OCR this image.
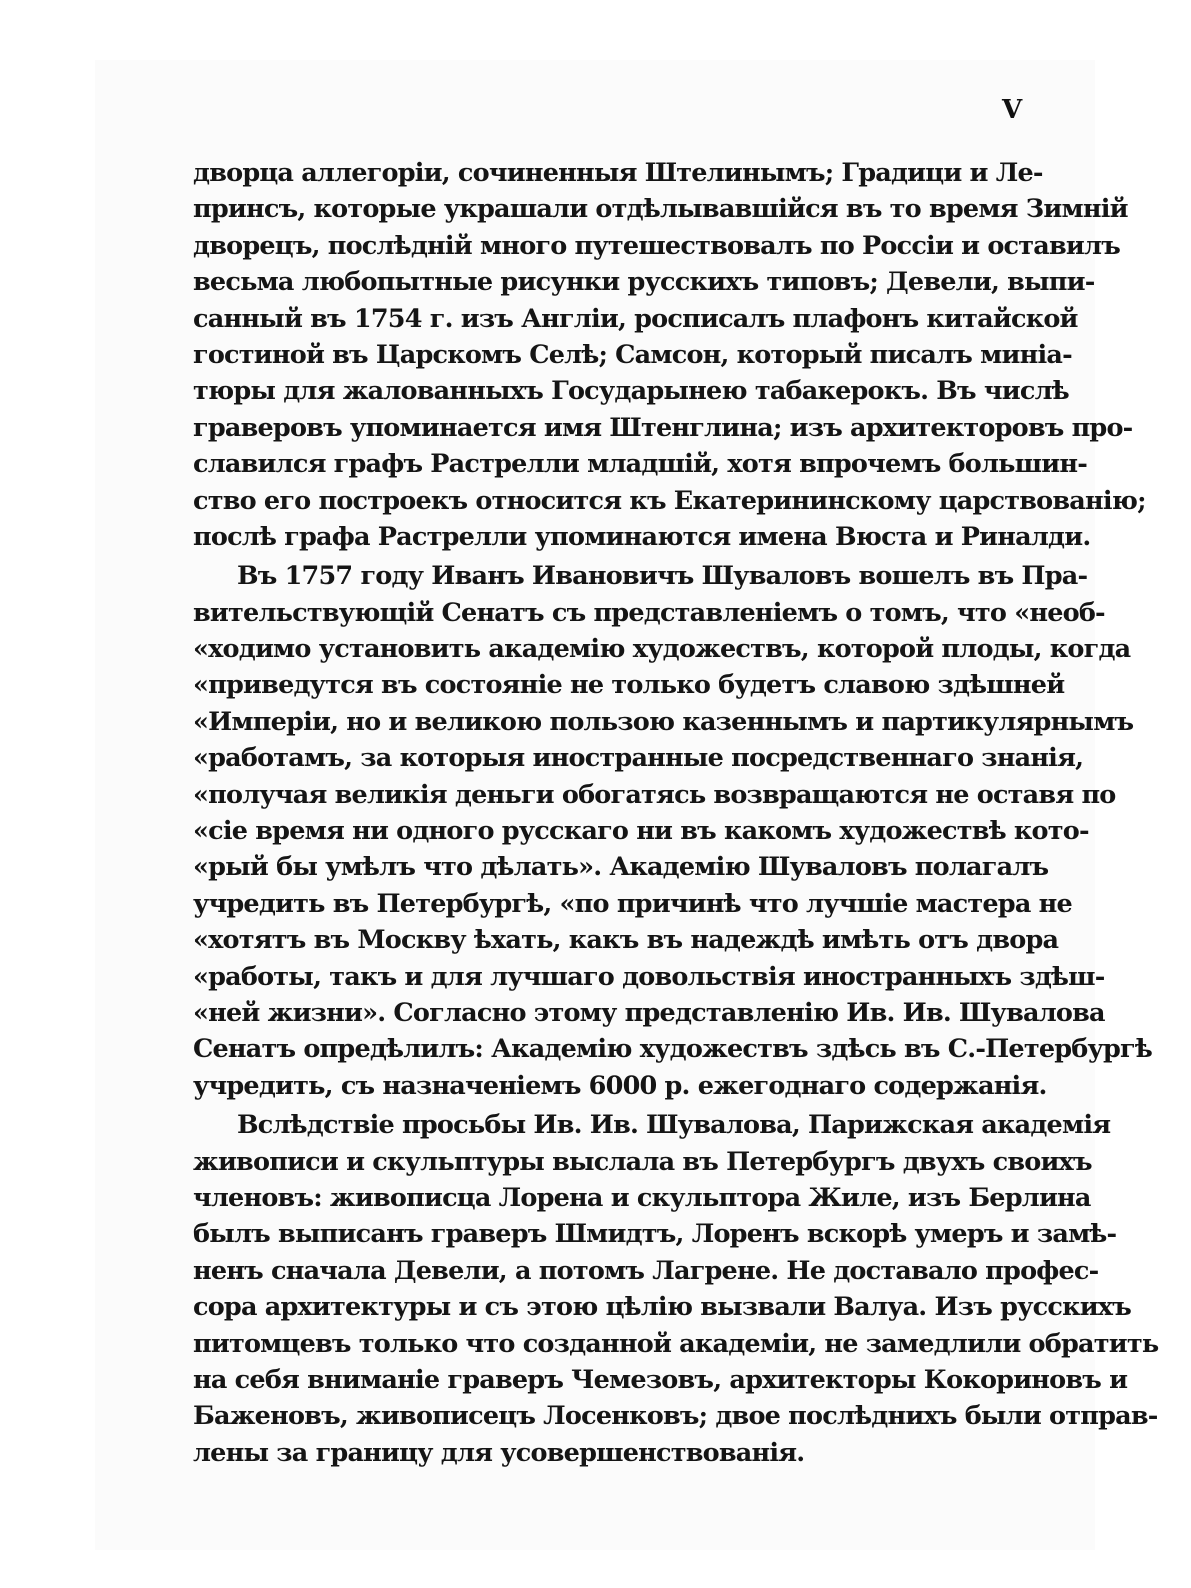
V
дворца аллегоріи, сочиненныя Штелинымъ; Градици и Ле-
принсъ, которые украшали отдѣлывавшійся въ то время Зимній
дворецъ, послѣдній много путешествовалъ по Россіи и оставилъ
весьма любопытные рисунки русскихъ типовъ; Девели, выпи-
санный въ 1754 г. изъ Англіи, росписалъ плафонъ китайской
гостиной въ Царскомъ Селѣ; Самсон, который писалъ миніа-
тюры для жалованныхъ Государынею табакерокъ. Въ числѣ
граверовъ упоминается имя Штенглина; изъ архитекторовъ про-
славился графъ Растрелли младшій, хотя впрочемъ большин-
ство его построекъ относится къ Екатерининскому царствованію;
послѣ графа Растрелли упоминаются имена Вюста и Риналди.
Въ 1757 году Иванъ Ивановичъ Шуваловъ вошелъ въ Пра-
вительствующій Сенатъ съ представленіемъ о томъ, что «необ-
«ходимо установить академію художествъ, которой плоды, когда
«приведутся въ состояніе не только будетъ славою здѣшней
«Имперіи, но и великою пользою казеннымъ и партикулярнымъ
«работамъ, за которыя иностранные посредственнаго знанія,
«получая великія деньги обогатясь возвращаются не оставя по
«сіе время ни одного русскаго ни въ какомъ художествѣ кото-
«рый бы умѣлъ что дѣлать». Академію Шуваловъ полагалъ
учредить въ Петербургѣ, «по причинѣ что лучшіе мастера не
«хотятъ въ Москву ѣхать, какъ въ надеждѣ имѣть отъ двора
«работы, такъ и для лучшаго довольствія иностранныхъ здѣш-
«ней жизни». Согласно этому представленію Ив. Ив. Шувалова
Сенатъ опредѣлилъ: Академію художествъ здѣсь въ С.-Петербургѣ
учредить, съ назначеніемъ 6000 р. ежегоднаго содержанія.
Вслѣдствіе просьбы Ив. Ив. Шувалова, Парижская академія
живописи и скульптуры выслала въ Петербургъ двухъ своихъ
членовъ: живописца Лорена и скульптора Жиле, изъ Берлина
былъ выписанъ граверъ Шмидтъ, Лоренъ вскорѣ умеръ и замѣ-
ненъ сначала Девели, а потомъ Лагрене. Не доставало профес-
сора архитектуры и съ этою цѣлію вызвали Валуа. Изъ русскихъ
питомцевъ только что созданной академіи, не замедлили обратить
на себя вниманіе граверъ Чемезовъ, архитекторы Кокориновъ и
Баженовъ, живописецъ Лосенковъ; двое послѣднихъ были отправ-
лены за границу для усовершенствованія.
